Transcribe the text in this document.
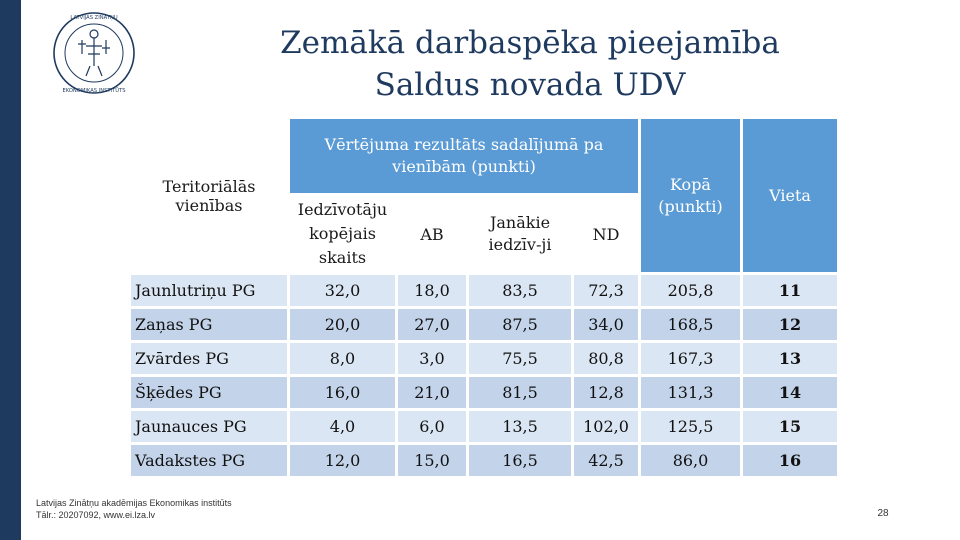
LATVIJAS ZINĀTŅU
EKONOMIKAS INSTITŪTS
Zemākā darbaspēka pieejamība
Saldus novada UDV
Teritoriālās vienības	Vērtējuma rezultāts sadalījumā pa vienībām (punkti)				Kopā (punkti)	Vieta
	Iedzīvotāju kopējais skaits	AB	Janākie iedzīv-ji	ND		
Jaunlutriņu PG	32,0	18,0	83,5	72,3	205,8	11
Zaņas PG	20,0	27,0	87,5	34,0	168,5	12
Zvārdes PG	8,0	3,0	75,5	80,8	167,3	13
Šķēdes PG	16,0	21,0	81,5	12,8	131,3	14
Jaunauces PG	4,0	6,0	13,5	102,0	125,5	15
Vadakstes PG	12,0	15,0	16,5	42,5	86,0	16
Latvijas Zinātņu akadēmijas Ekonomikas institūts
Tālr.: 20207092, www.ei.lza.lv	28
